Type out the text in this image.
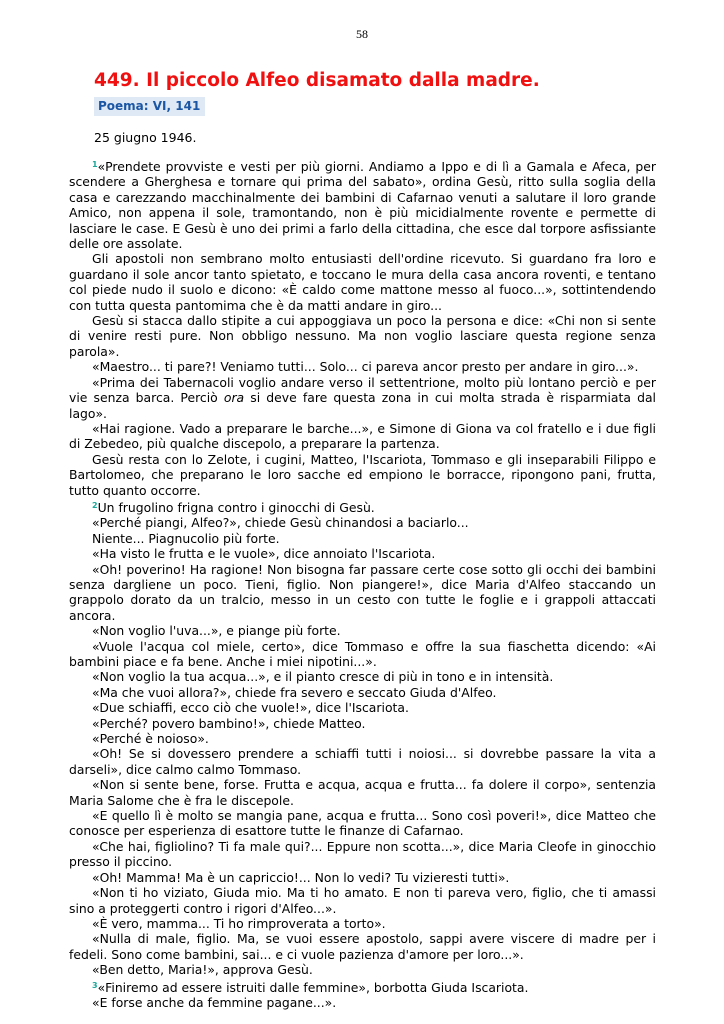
58
449. Il piccolo Alfeo disamato dalla madre.
Poema: VI, 141
25 giugno 1946.

$^1$«Prendete provviste e vesti per più giorni. Andiamo a Ippo e di lì a Gamala e Afeca, per scendere a Gherghesa e tornare qui prima del sabato», ordina Gesù, ritto sulla soglia della casa e carezzando macchinalmente dei bambini di Cafarnao venuti a salutare il loro grande Amico, non appena il sole, tramontando, non è più micidialmente rovente e permette di lasciare le case. E Gesù è uno dei primi a farlo della cittadina, che esce dal torpore asfissiante delle ore assolate.

Gli apostoli non sembrano molto entusiasti dell'ordine ricevuto. Si guardano fra loro e guardano il sole ancor tanto spietato, e toccano le mura della casa ancora roventi, e tentano col piede nudo il suolo e dicono: «È caldo come mattone messo al fuoco...», sottintendendo con tutta questa pantomima che è da matti andare in giro...

Gesù si stacca dallo stipite a cui appoggiava un poco la persona e dice: «Chi non si sente di venire resti pure. Non obbligo nessuno. Ma non voglio lasciare questa regione senza parola».

«Maestro... ti pare?! Veniamo tutti... Solo... ci pareva ancor presto per andare in giro...».

«Prima dei Tabernacoli voglio andare verso il settentrione, molto più lontano perciò e per vie senza barca. Perciò ora si deve fare questa zona in cui molta strada è risparmiata dal lago».

«Hai ragione. Vado a preparare le barche...», e Simone di Giona va col fratello e i due figli di Zebedeo, più qualche discepolo, a preparare la partenza.

Gesù resta con lo Zelote, i cugini, Matteo, l'Iscariota, Tommaso e gli inseparabili Filippo e Bartolomeo, che preparano le loro sacche ed empiono le borracce, ripongono pani, frutta, tutto quanto occorre.

$^2$Un frugolino frigna contro i ginocchi di Gesù.

«Perché piangi, Alfeo?», chiede Gesù chinandosi a baciarlo...

Niente... Piagnucolio più forte.

«Ha visto le frutta e le vuole», dice annoiato l'Iscariota.

«Oh! poverino! Ha ragione! Non bisogna far passare certe cose sotto gli occhi dei bambini senza dargliene un poco. Tieni, figlio. Non piangere!», dice Maria d'Alfeo staccando un grappolo dorato da un tralcio, messo in un cesto con tutte le foglie e i grappoli attaccati ancora.

«Non voglio l'uva...», e piange più forte.

«Vuole l'acqua col miele, certo», dice Tommaso e offre la sua fiaschetta dicendo: «Ai bambini piace e fa bene. Anche i miei nipotini...».

«Non voglio la tua acqua...», e il pianto cresce di più in tono e in intensità.

«Ma che vuoi allora?», chiede fra severo e seccato Giuda d'Alfeo.

«Due schiaffi, ecco ciò che vuole!», dice l'Iscariota.

«Perché? povero bambino!», chiede Matteo.

«Perché è noioso».

«Oh! Se si dovessero prendere a schiaffi tutti i noiosi... si dovrebbe passare la vita a darseli», dice calmo calmo Tommaso.

«Non si sente bene, forse. Frutta e acqua, acqua e frutta... fa dolere il corpo», sentenzia Maria Salome che è fra le discepole.

«E quello lì è molto se mangia pane, acqua e frutta... Sono così poveri!», dice Matteo che conosce per esperienza di esattore tutte le finanze di Cafarnao.

«Che hai, figliolino? Ti fa male qui?... Eppure non scotta...», dice Maria Cleofe in ginocchio presso il piccino.

«Oh! Mamma! Ma è un capriccio!... Non lo vedi? Tu vizieresti tutti».

«Non ti ho viziato, Giuda mio. Ma ti ho amato. E non ti pareva vero, figlio, che ti amassi sino a proteggerti contro i rigori d'Alfeo...».

«È vero, mamma... Ti ho rimproverata a torto».

«Nulla di male, figlio. Ma, se vuoi essere apostolo, sappi avere viscere di madre per i fedeli. Sono come bambini, sai... e ci vuole pazienza d'amore per loro...».

«Ben detto, Maria!», approva Gesù.

$^3$«Finiremo ad essere istruiti dalle femmine», borbotta Giuda Iscariota.

«E forse anche da femmine pagane...».
